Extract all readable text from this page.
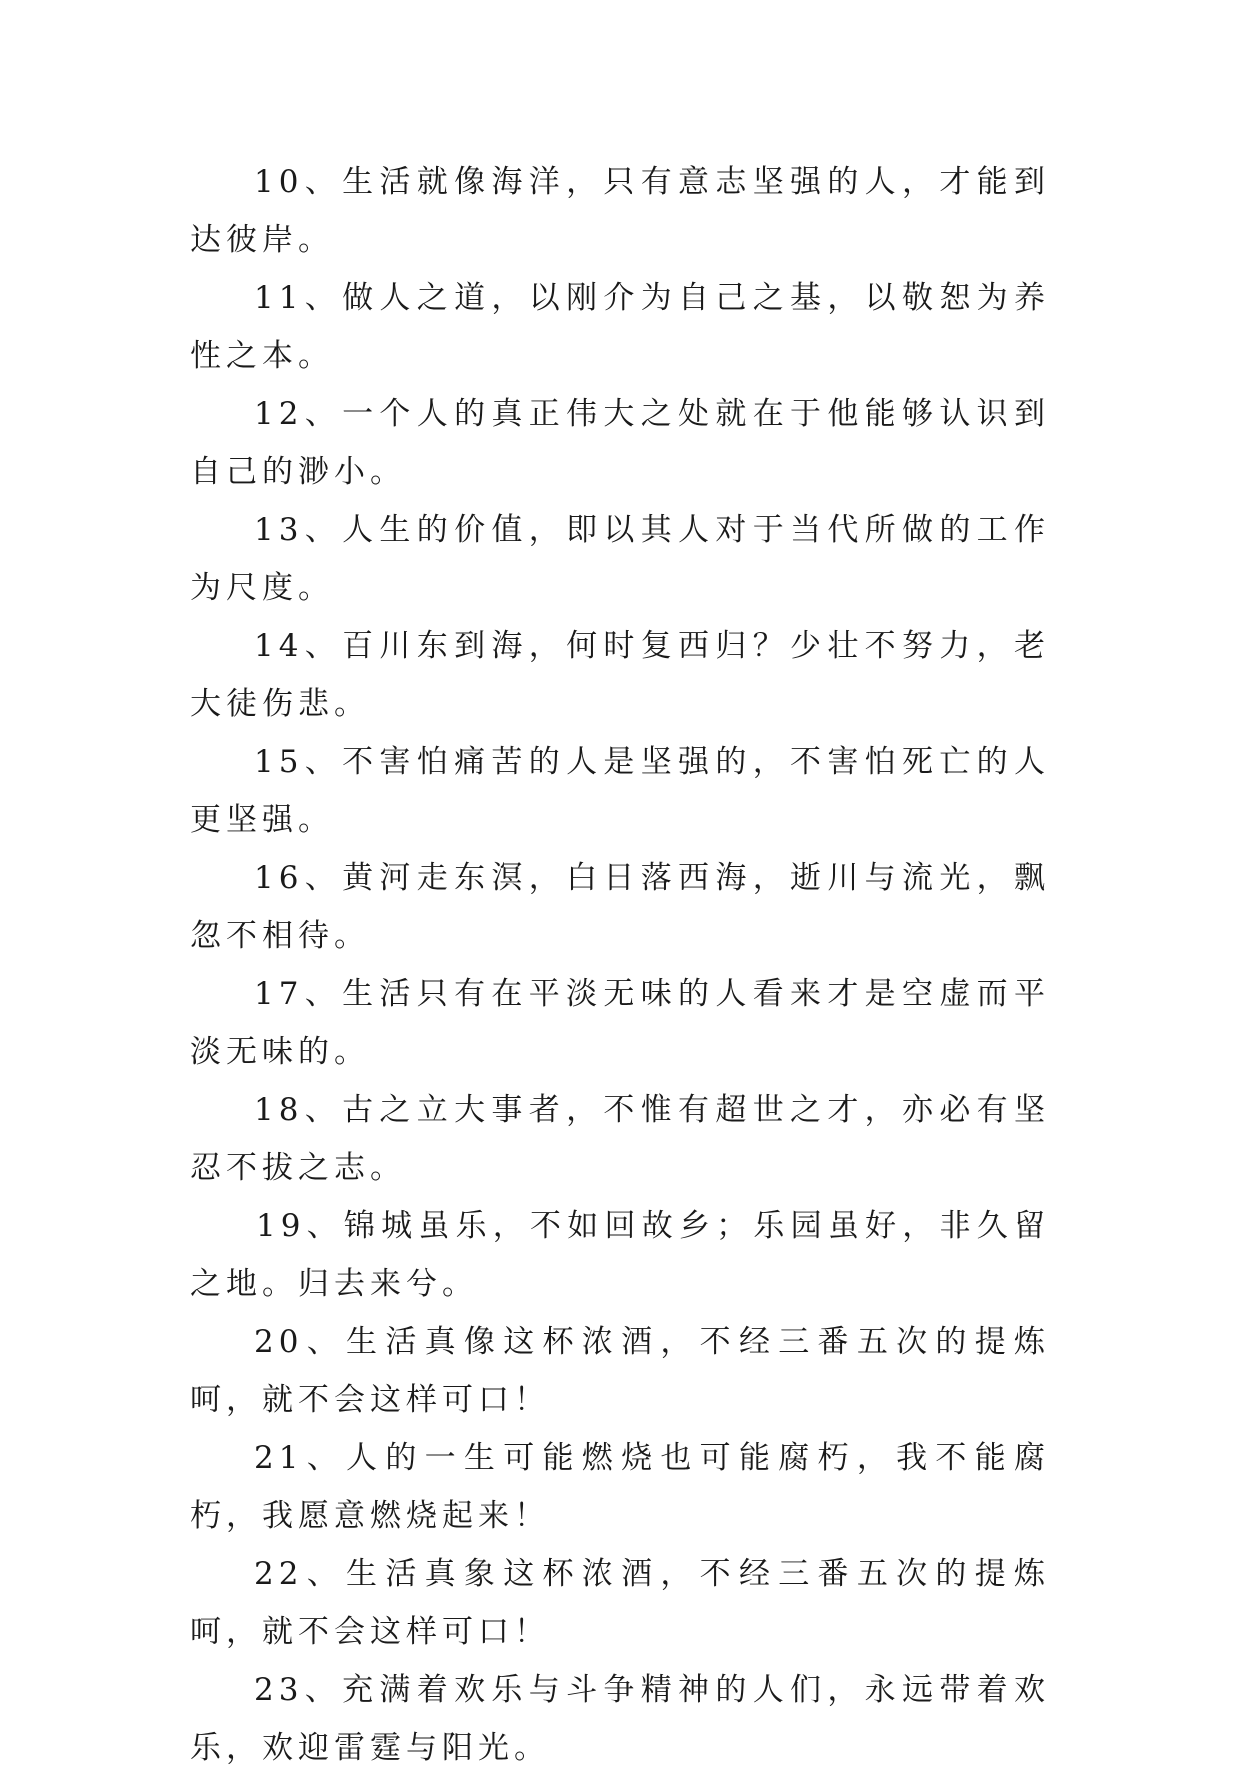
10、生活就像海洋，只有意志坚强的人，才能到达彼岸。

11、做人之道，以刚介为自己之基，以敬恕为养性之本。

12、一个人的真正伟大之处就在于他能够认识到自己的渺小。

13、人生的价值，即以其人对于当代所做的工作为尺度。

14、百川东到海，何时复西归？少壮不努力，老大徒伤悲。

15、不害怕痛苦的人是坚强的，不害怕死亡的人更坚强。

16、黄河走东溟，白日落西海，逝川与流光，飘忽不相待。

17、生活只有在平淡无味的人看来才是空虚而平淡无味的。

18、古之立大事者，不惟有超世之才，亦必有坚忍不拔之志。

19、锦城虽乐，不如回故乡；乐园虽好，非久留之地。归去来兮。

20、生活真像这杯浓酒，不经三番五次的提炼呵，就不会这样可口！

21、人的一生可能燃烧也可能腐朽，我不能腐朽，我愿意燃烧起来！

22、生活真象这杯浓酒，不经三番五次的提炼呵，就不会这样可口！

23、充满着欢乐与斗争精神的人们，永远带着欢乐，欢迎雷霆与阳光。
